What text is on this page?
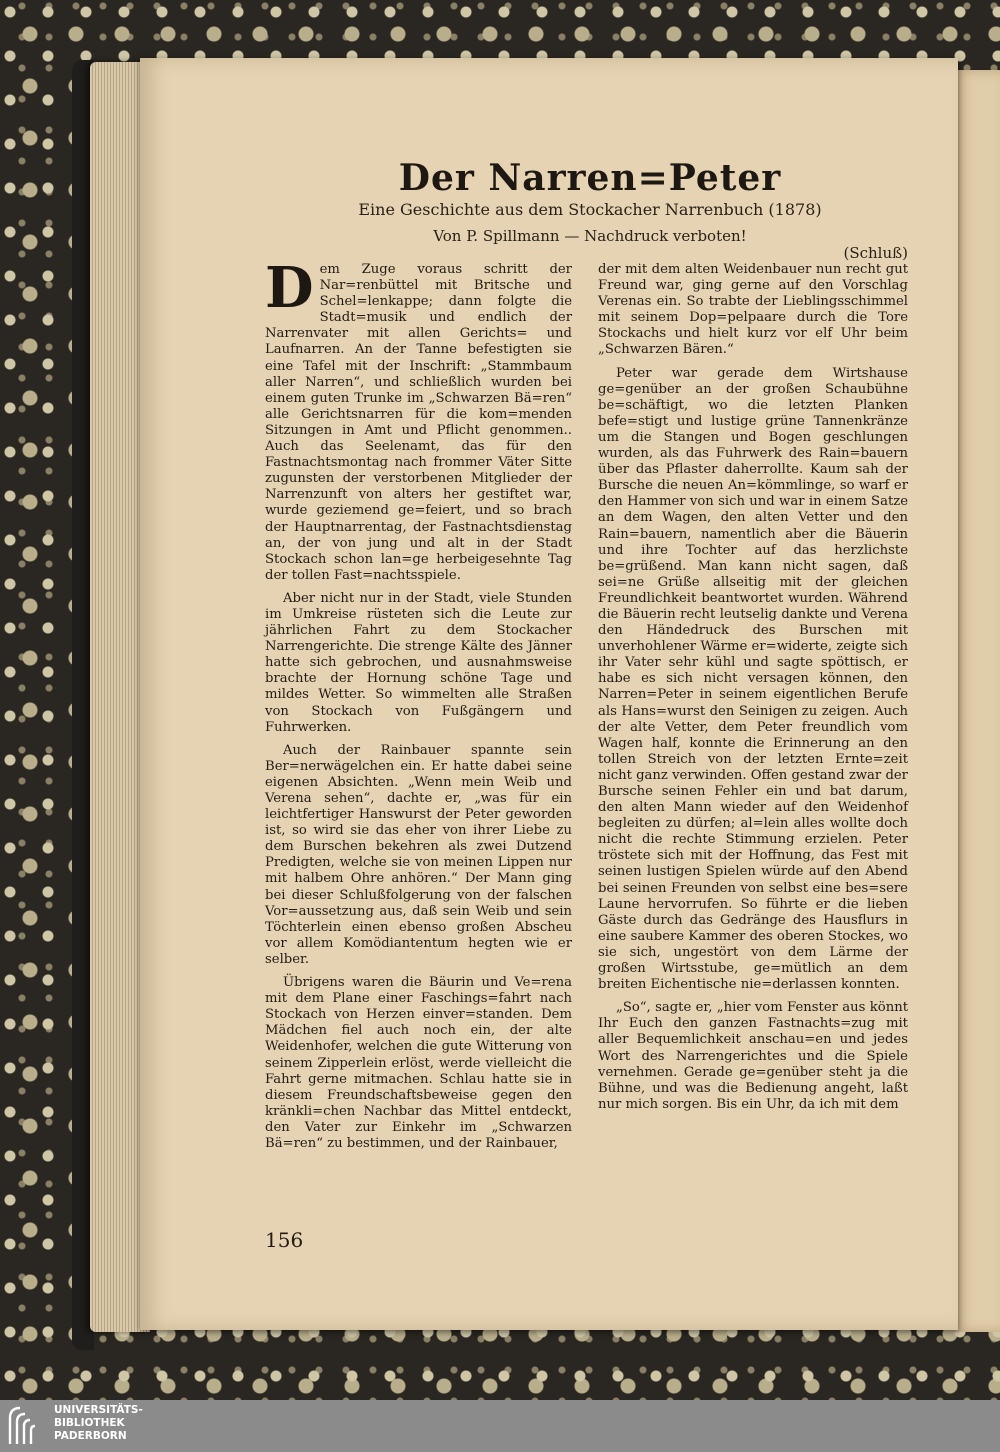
Der Narren=Peter
Eine Geschichte aus dem Stockacher Narrenbuch (1878)
Von P. Spillmann — Nachdruck verboten!
(Schluß)

Dem Zuge voraus schritt der Nar=renbüttel mit Britsche und Schel=lenkappe; dann folgte die Stadt=musik und endlich der Narrenvater mit allen Gerichts= und Laufnarren. An der Tanne befestigten sie eine Tafel mit der Inschrift: „Stammbaum aller Narren“, und schließlich wurden bei einem guten Trunke im „Schwarzen Bä=ren“ alle Gerichtsnarren für die kom=menden Sitzungen in Amt und Pflicht genommen.. Auch das Seelenamt, das für den Fastnachtsmontag nach frommer Väter Sitte zugunsten der verstorbenen Mitglieder der Narrenzunft von alters her gestiftet war, wurde geziemend ge=feiert, und so brach der Hauptnarrentag, der Fastnachtsdienstag an, der von jung und alt in der Stadt Stockach schon lan=ge herbeigesehnte Tag der tollen Fast=nachtsspiele.

Aber nicht nur in der Stadt, viele Stunden im Umkreise rüsteten sich die Leute zur jährlichen Fahrt zu dem Stockacher Narrengerichte. Die strenge Kälte des Jänner hatte sich gebrochen, und ausnahmsweise brachte der Hornung schöne Tage und mildes Wetter. So wimmelten alle Straßen von Stockach von Fußgängern und Fuhrwerken.

Auch der Rainbauer spannte sein Ber=nerwägelchen ein. Er hatte dabei seine eigenen Absichten. „Wenn mein Weib und Verena sehen“, dachte er, „was für ein leichtfertiger Hanswurst der Peter geworden ist, so wird sie das eher von ihrer Liebe zu dem Burschen bekehren als zwei Dutzend Predigten, welche sie von meinen Lippen nur mit halbem Ohre anhören.“ Der Mann ging bei dieser Schlußfolgerung von der falschen Vor=aussetzung aus, daß sein Weib und sein Töchterlein einen ebenso großen Abscheu vor allem Komödiantentum hegten wie er selber.

Übrigens waren die Bäurin und Ve=rena mit dem Plane einer Faschings=fahrt nach Stockach von Herzen einver=standen. Dem Mädchen fiel auch noch ein, der alte Weidenhofer, welchen die gute Witterung von seinem Zipperlein erlöst, werde vielleicht die Fahrt gerne mitmachen. Schlau hatte sie in diesem Freundschaftsbeweise gegen den kränkli=chen Nachbar das Mittel entdeckt, den Vater zur Einkehr im „Schwarzen Bä=ren“ zu bestimmen, und der Rainbauer,

der mit dem alten Weidenbauer nun recht gut Freund war, ging gerne auf den Vorschlag Verenas ein. So trabte der Lieblingsschimmel mit seinem Dop=pelpaare durch die Tore Stockachs und hielt kurz vor elf Uhr beim „Schwarzen Bären.“

Peter war gerade dem Wirtshause ge=genüber an der großen Schaubühne be=schäftigt, wo die letzten Planken befe=stigt und lustige grüne Tannenkränze um die Stangen und Bogen geschlungen wurden, als das Fuhrwerk des Rain=bauern über das Pflaster daherrollte. Kaum sah der Bursche die neuen An=kömmlinge, so warf er den Hammer von sich und war in einem Satze an dem Wagen, den alten Vetter und den Rain=bauern, namentlich aber die Bäuerin und ihre Tochter auf das herzlichste be=grüßend. Man kann nicht sagen, daß sei=ne Grüße allseitig mit der gleichen Freundlichkeit beantwortet wurden. Während die Bäuerin recht leutselig dankte und Verena den Händedruck des Burschen mit unverhohlener Wärme er=widerte, zeigte sich ihr Vater sehr kühl und sagte spöttisch, er habe es sich nicht versagen können, den Narren=Peter in seinem eigentlichen Berufe als Hans=wurst den Seinigen zu zeigen. Auch der alte Vetter, dem Peter freundlich vom Wagen half, konnte die Erinnerung an den tollen Streich von der letzten Ernte=zeit nicht ganz verwinden. Offen gestand zwar der Bursche seinen Fehler ein und bat darum, den alten Mann wieder auf den Weidenhof begleiten zu dürfen; al=lein alles wollte doch nicht die rechte Stimmung erzielen. Peter tröstete sich mit der Hoffnung, das Fest mit seinen lustigen Spielen würde auf den Abend bei seinen Freunden von selbst eine bes=sere Laune hervorrufen. So führte er die lieben Gäste durch das Gedränge des Hausflurs in eine saubere Kammer des oberen Stockes, wo sie sich, ungestört von dem Lärme der großen Wirtsstube, ge=mütlich an dem breiten Eichentische nie=derlassen konnten.

„So“, sagte er, „hier vom Fenster aus könnt Ihr Euch den ganzen Fastnachts=zug mit aller Bequemlichkeit anschau=en und jedes Wort des Narrengerichtes und die Spiele vernehmen. Gerade ge=genüber steht ja die Bühne, und was die Bedienung angeht, laßt nur mich sorgen. Bis ein Uhr, da ich mit dem

156
UNIVERSITÄTS-
BIBLIOTHEK
PADERBORN
